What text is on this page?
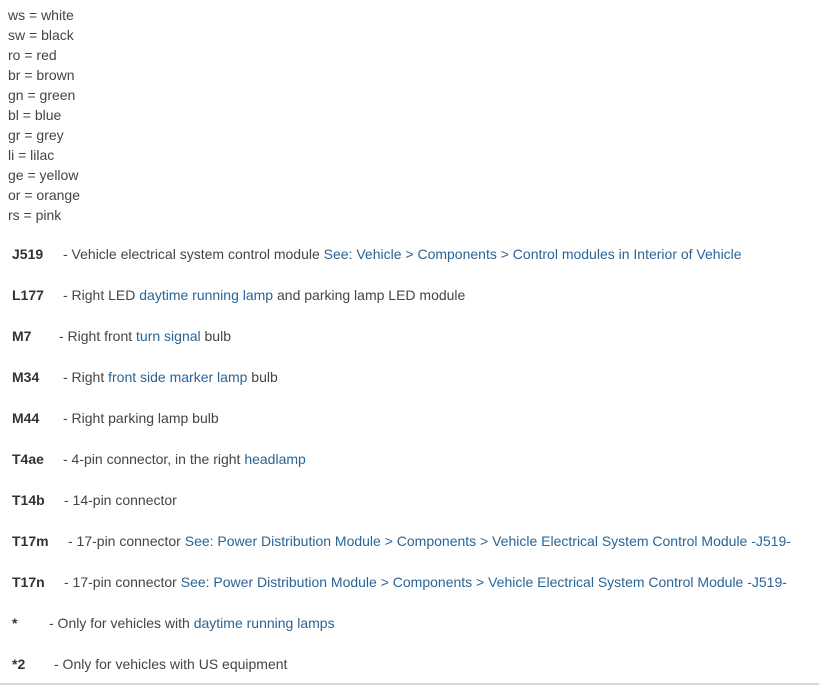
ws = white
sw = black
ro = red
br = brown
gn = green
bl = blue
gr = grey
li = lilac
ge = yellow
or = orange
rs = pink
J519 - Vehicle electrical system control module See: Vehicle > Components > Control modules in Interior of Vehicle
L177 - Right LED daytime running lamp and parking lamp LED module
M7 - Right front turn signal bulb
M34 - Right front side marker lamp bulb
M44 - Right parking lamp bulb
T4ae - 4-pin connector, in the right headlamp
T14b - 14-pin connector
T17m - 17-pin connector See: Power Distribution Module > Components > Vehicle Electrical System Control Module -J519-
T17n - 17-pin connector See: Power Distribution Module > Components > Vehicle Electrical System Control Module -J519-
* - Only for vehicles with daytime running lamps
*2 - Only for vehicles with US equipment
